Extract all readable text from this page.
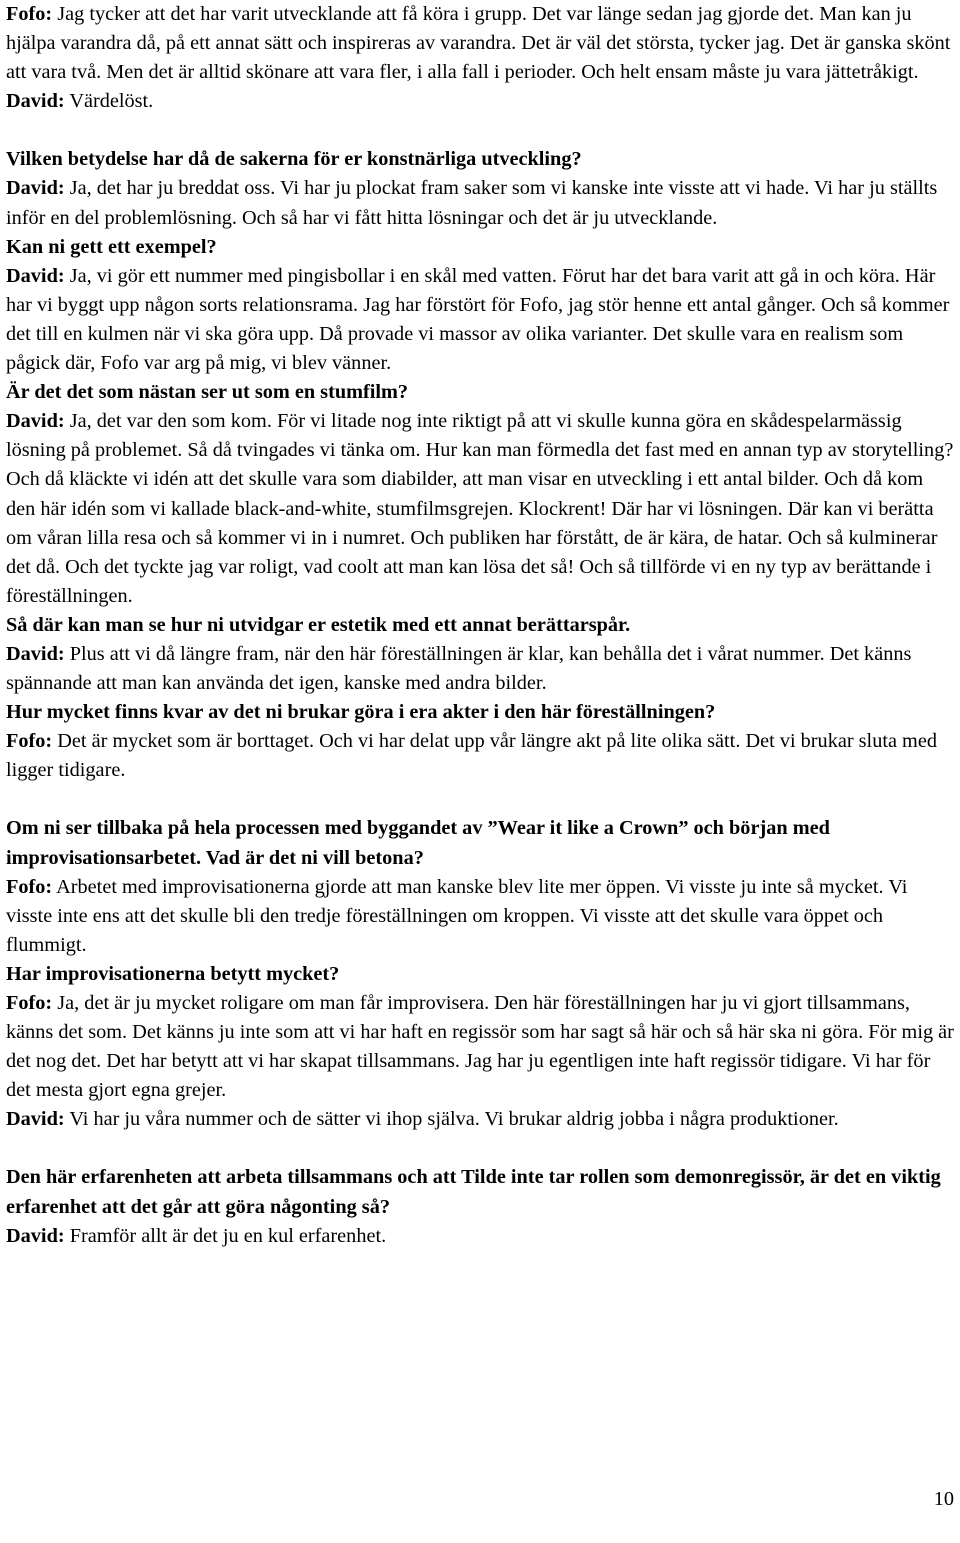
Fofo: Jag tycker att det har varit utvecklande att få köra i grupp. Det var länge sedan jag gjorde det. Man kan ju hjälpa varandra då, på ett annat sätt och inspireras av varandra. Det är väl det största, tycker jag. Det är ganska skönt att vara två. Men det är alltid skönare att vara fler, i alla fall i perioder. Och helt ensam måste ju vara jättetråkigt.

David: Värdelöst.

Vilken betydelse har då de sakerna för er konstnärliga utveckling?

David: Ja, det har ju breddat oss. Vi har ju plockat fram saker som vi kanske inte visste att vi hade. Vi har ju ställts inför en del problemlösning. Och så har vi fått hitta lösningar och det är ju utvecklande.

Kan ni gett ett exempel?

David: Ja, vi gör ett nummer med pingisbollar i en skål med vatten. Förut har det bara varit att gå in och köra. Här har vi byggt upp någon sorts relationsrama. Jag har förstört för Fofo, jag stör henne ett antal gånger. Och så kommer det till en kulmen när vi ska göra upp. Då provade vi massor av olika varianter. Det skulle vara en realism som pågick där, Fofo var arg på mig, vi blev vänner.

Är det det som nästan ser ut som en stumfilm?

David: Ja, det var den som kom. För vi litade nog inte riktigt på att vi skulle kunna göra en skådespelarmässig lösning på problemet. Så då tvingades vi tänka om. Hur kan man förmedla det fast med en annan typ av storytelling? Och då kläckte vi idén att det skulle vara som diabilder, att man visar en utveckling i ett antal bilder. Och då kom den här idén som vi kallade black-and-white, stumfilmsgrejen. Klockrent! Där har vi lösningen. Där kan vi berätta om våran lilla resa och så kommer vi in i numret. Och publiken har förstått, de är kära, de hatar. Och så kulminerar det då. Och det tyckte jag var roligt, vad coolt att man kan lösa det så! Och så tillförde vi en ny typ av berättande i föreställningen.

Så där kan man se hur ni utvidgar er estetik med ett annat berättarspår.

David: Plus att vi då längre fram, när den här föreställningen är klar, kan behålla det i vårat nummer. Det känns spännande att man kan använda det igen, kanske med andra bilder.

Hur mycket finns kvar av det ni brukar göra i era akter i den här föreställningen?

Fofo: Det är mycket som är borttaget. Och vi har delat upp vår längre akt på lite olika sätt. Det vi brukar sluta med ligger tidigare.

Om ni ser tillbaka på hela processen med byggandet av ”Wear it like a Crown” och början med improvisationsarbetet. Vad är det ni vill betona?

Fofo: Arbetet med improvisationerna gjorde att man kanske blev lite mer öppen. Vi visste ju inte så mycket. Vi visste inte ens att det skulle bli den tredje föreställningen om kroppen. Vi visste att det skulle vara öppet och flummigt.

Har improvisationerna betytt mycket?

Fofo: Ja, det är ju mycket roligare om man får improvisera. Den här föreställningen har ju vi gjort tillsammans, känns det som. Det känns ju inte som att vi har haft en regissör som har sagt så här och så här ska ni göra. För mig är det nog det. Det har betytt att vi har skapat tillsammans. Jag har ju egentligen inte haft regissör tidigare. Vi har för det mesta gjort egna grejer.

David: Vi har ju våra nummer och de sätter vi ihop själva. Vi brukar aldrig jobba i några produktioner.

Den här erfarenheten att arbeta tillsammans och att Tilde inte tar rollen som demonregissör, är det en viktig erfarenhet att det går att göra någonting så?

David: Framför allt är det ju en kul erfarenhet.

10
